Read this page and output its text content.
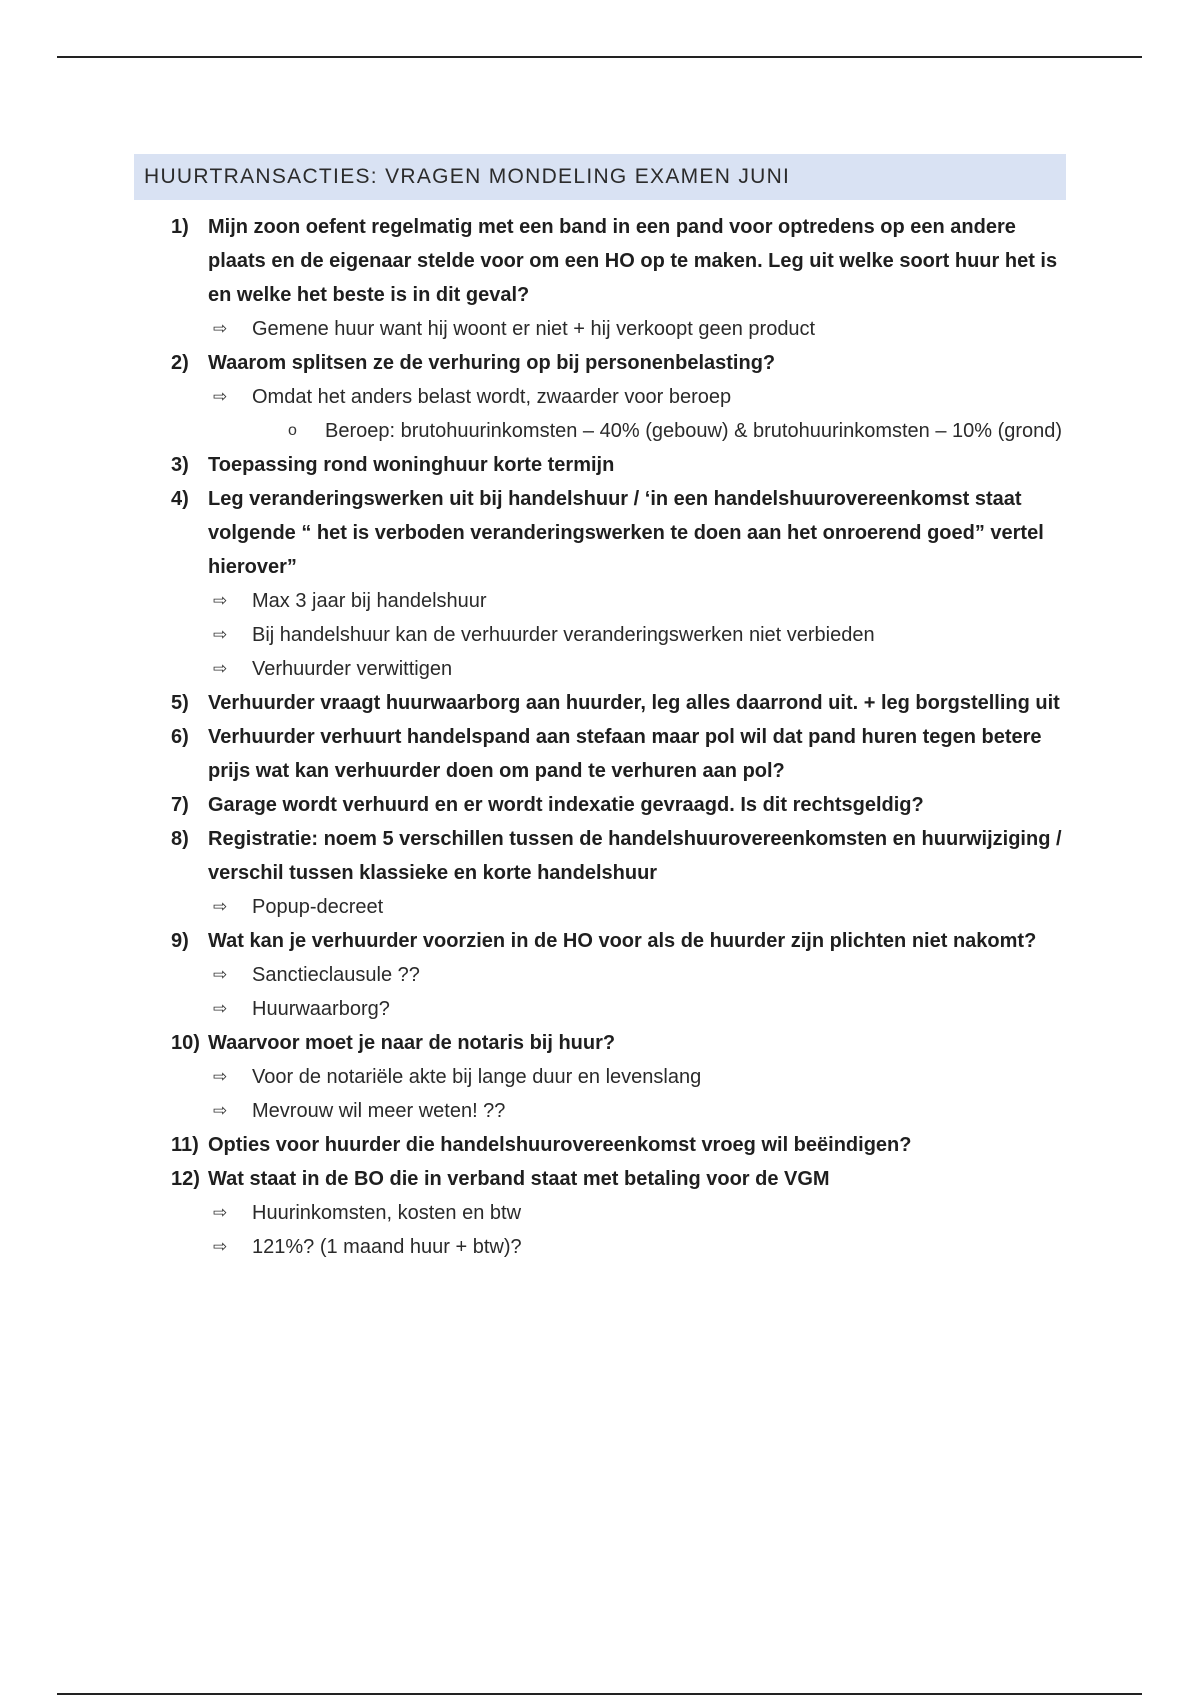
HUURTRANSACTIES: VRAGEN MONDELING EXAMEN JUNI
1) Mijn zoon oefent regelmatig met een band in een pand voor optredens op een andere plaats en de eigenaar stelde voor om een HO op te maken. Leg uit welke soort huur het is en welke het beste is in dit geval?
⇨ Gemene huur want hij woont er niet + hij verkoopt geen product
2) Waarom splitsen ze de verhuring op bij personenbelasting?
⇨ Omdat het anders belast wordt, zwaarder voor beroep
o Beroep: brutohuurinkomsten – 40% (gebouw) & brutohuurinkomsten – 10% (grond)
3) Toepassing rond woninghuur korte termijn
4) Leg veranderingswerken uit bij handelshuur / ‘in een handelshuurovereenkomst staat volgende “ het is verboden veranderingswerken te doen aan het onroerend goed” vertel hierover”
⇨ Max 3 jaar bij handelshuur
⇨ Bij handelshuur kan de verhuurder veranderingswerken niet verbieden
⇨ Verhuurder verwittigen
5) Verhuurder vraagt huurwaarborg aan huurder, leg alles daarrond uit. + leg borgstelling uit
6) Verhuurder verhuurt handelspand aan stefaan maar pol wil dat pand huren tegen betere prijs wat kan verhuurder doen om pand te verhuren aan pol?
7) Garage wordt verhuurd en er wordt indexatie gevraagd. Is dit rechtsgeldig?
8) Registratie: noem 5 verschillen tussen de handelshuurovereenkomsten en huurwijziging / verschil tussen klassieke en korte handelshuur
⇨ Popup-decreet
9) Wat kan je verhuurder voorzien in de HO voor als de huurder zijn plichten niet nakomt?
⇨ Sanctieclausule ??
⇨ Huurwaarborg?
10) Waarvoor moet je naar de notaris bij huur?
⇨ Voor de notariële akte bij lange duur en levenslang
⇨ Mevrouw wil meer weten! ??
11) Opties voor huurder die handelshuurovereenkomst vroeg wil beëindigen?
12) Wat staat in de BO die in verband staat met betaling voor de VGM
⇨ Huurinkomsten, kosten en btw
⇨ 121%? (1 maand huur + btw)?
